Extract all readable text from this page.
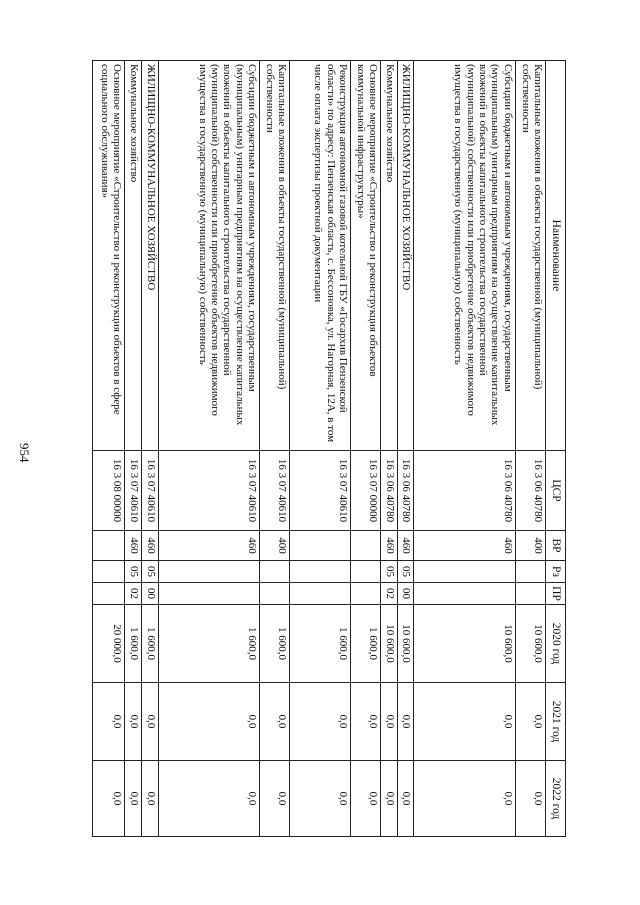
954
Наименование	ЦСР	ВР	Рз	ПР	2020 год	2021 год	2022 год
Капитальные вложения в объекты государственной (муниципальной) собственности	16 3 06 40780	400			10 600,0	0,0	0,0
Субсидии бюджетным и автономным учреждениям, государственным (муниципальным) унитарным предприятиям на осуществление капитальных вложений в объекты капитального строительства государственной (муниципальной) собственности или приобретение объектов недвижимого имущества в государственную (муниципальную) собственность	16 3 06 40780	460			10 600,0	0,0	0,0
ЖИЛИЩНО-КОММУНАЛЬНОЕ ХОЗЯЙСТВО	16 3 06 40780	460	05	00	10 600,0	0,0	0,0
Коммунальное хозяйство	16 3 06 40780	460	05	02	10 600,0	0,0	0,0
Основное мероприятие «Строительство и реконструкция объектов коммунальной инфраструктуры»	16 3 07 00000				1 600,0	0,0	0,0
Реконструкция автономной газовой котельной ГБУ «Госархив Пензенской области» по адресу: Пензенская область, с. Бессоновка, ул. Нагорная, 12А, в том числе оплата экспертизы проектной документации	16 3 07 40610				1 600,0	0,0	0,0
Капитальные вложения в объекты государственной (муниципальной) собственности	16 3 07 40610	400			1 600,0	0,0	0,0
Субсидии бюджетным и автономным учреждениям, государственным (муниципальным) унитарным предприятиям на осуществление капитальных вложений в объекты капитального строительства государственной (муниципальной) собственности или приобретение объектов недвижимого имущества в государственную (муниципальную) собственность	16 3 07 40610	460			1 600,0	0,0	0,0
ЖИЛИЩНО-КОММУНАЛЬНОЕ ХОЗЯЙСТВО	16 3 07 40610	460	05	00	1 600,0	0,0	0,0
Коммунальное хозяйство	16 3 07 40610	460	05	02	1 600,0	0,0	0,0
Основное мероприятие «Строительство и реконструкция объектов в сфере социального обслуживания»	16 3 08 00000				20 000,0	0,0	0,0
